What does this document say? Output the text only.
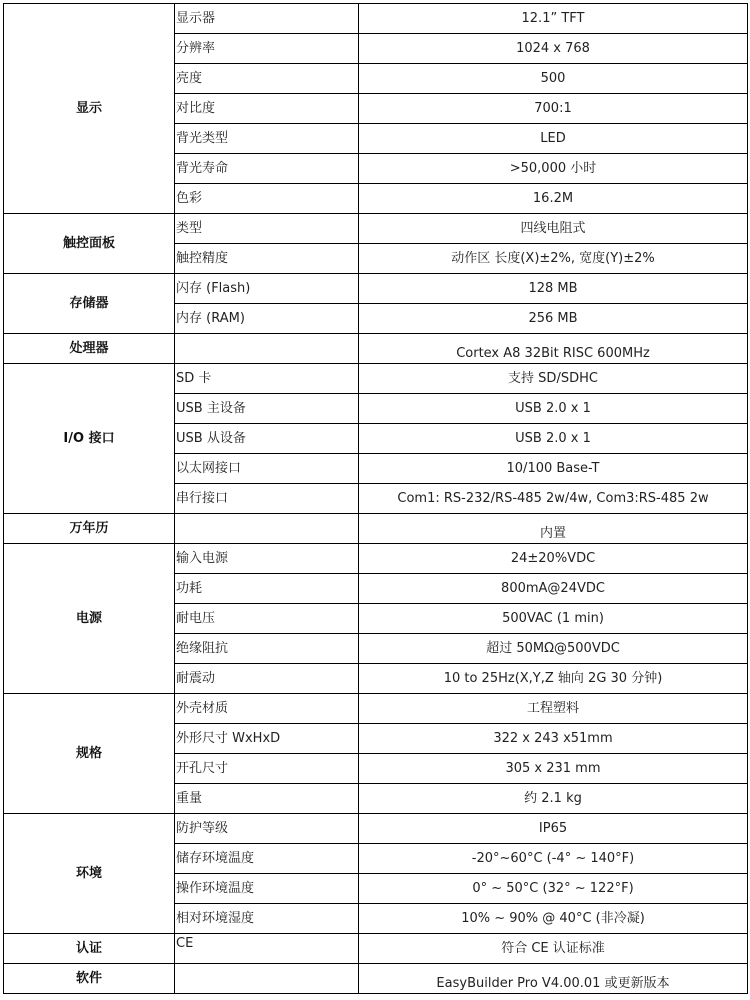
显示	显示器	12.1” TFT
	分辨率	1024 x 768
	亮度	500
	对比度	700:1
	背光类型	LED
	背光寿命	>50,000 小时
	色彩	16.2M
触控面板	类型	四线电阻式
	触控精度	动作区 长度(X)±2%, 宽度(Y)±2%
存储器	闪存 (Flash)	128 MB
	内存 (RAM)	256 MB
处理器		Cortex A8 32Bit RISC 600MHz
I/O 接口	SD 卡	支持 SD/SDHC
	USB 主设备	USB 2.0 x 1
	USB 从设备	USB 2.0 x 1
	以太网接口	10/100 Base-T
	串行接口	Com1: RS-232/RS-485 2w/4w, Com3:RS-485 2w
万年历		内置
电源	输入电源	24±20%VDC
	功耗	800mA@24VDC
	耐电压	500VAC (1 min)
	绝缘阻抗	超过 50MΩ@500VDC
	耐震动	10 to 25Hz(X,Y,Z 轴向 2G 30 分钟)
规格	外壳材质	工程塑料
	外形尺寸 WxHxD	322 x 243 x51mm
	开孔尺寸	305 x 231 mm
	重量	约 2.1 kg
环境	防护等级	IP65
	储存环境温度	-20°~60°C (-4° ~ 140°F)
	操作环境温度	0° ~ 50°C (32° ~ 122°F)
	相对环境湿度	10% ~ 90% @ 40°C (非冷凝)
认证	CE	符合 CE 认证标准
软件		EasyBuilder Pro V4.00.01 或更新版本
